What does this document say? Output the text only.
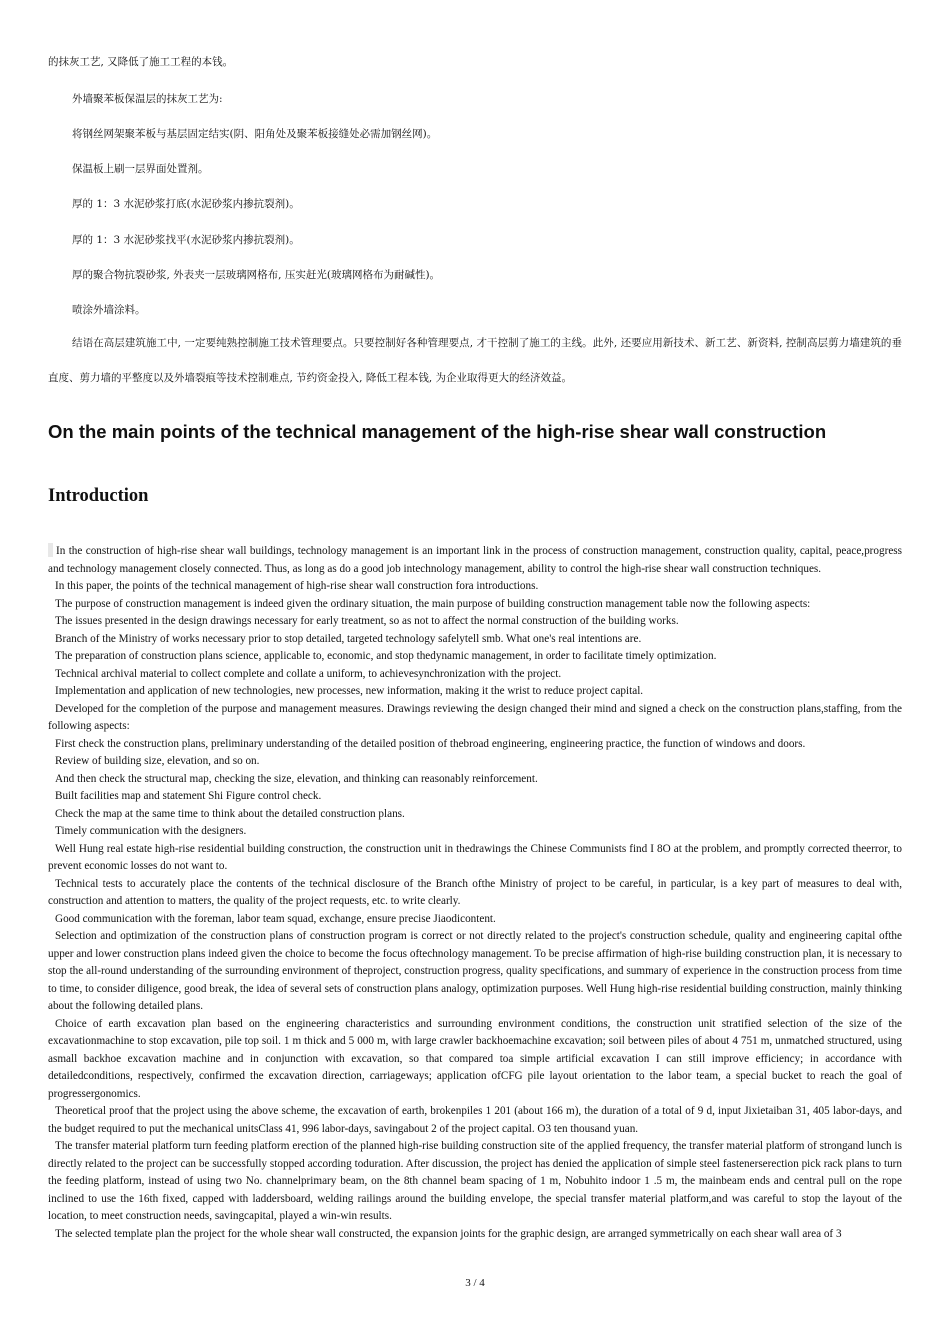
的抹灰工艺, 又降低了施工工程的本钱。

外墙聚苯板保温层的抹灰工艺为:

将钢丝网架聚苯板与基层固定结实(阴、阳角处及聚苯板接缝处必需加钢丝网)。

保温板上刷一层界面处置剂。

厚的 1：3 水泥砂浆打底(水泥砂浆内掺抗裂剂)。

厚的 1：3 水泥砂浆找平(水泥砂浆内掺抗裂剂)。

厚的聚合物抗裂砂浆, 外表夹一层玻璃网格布, 压实赶光(玻璃网格布为耐碱性)。

喷涂外墙涂料。

结语在高层建筑施工中, 一定要纯熟控制施工技术管理要点。只要控制好各种管理要点, 才干控制了施工的主线。此外, 还要应用新技术、新工艺、新资料, 控制高层剪力墙建筑的垂直度、剪力墙的平整度以及外墙裂痕等技术控制难点, 节约资金投入, 降低工程本钱, 为企业取得更大的经济效益。

On the main points of the technical management of the high-rise shear wall construction
Introduction

In the construction of high-rise shear wall buildings, technology management is an important link in the process of construction management, construction quality, capital, peace,progress and technology management closely connected. Thus, as long as do a good job intechnology management, ability to control the high-rise shear wall construction techniques.

In this paper, the points of the technical management of high-rise shear wall construction fora introductions.

The purpose of construction management is indeed given the ordinary situation, the main purpose of building construction management table now the following aspects:

The issues presented in the design drawings necessary for early treatment, so as not to affect the normal construction of the building works.

Branch of the Ministry of works necessary prior to stop detailed, targeted technology safelytell smb. What one's real intentions are.

The preparation of construction plans science, applicable to, economic, and stop thedynamic management, in order to facilitate timely optimization.

Technical archival material to collect complete and collate a uniform, to achievesynchronization with the project.

Implementation and application of new technologies, new processes, new information, making it the wrist to reduce project capital.

Developed for the completion of the purpose and management measures. Drawings reviewing the design changed their mind and signed a check on the construction plans,staffing, from the following aspects:

First check the construction plans, preliminary understanding of the detailed position of thebroad engineering, engineering practice, the function of windows and doors.

Review of building size, elevation, and so on.

And then check the structural map, checking the size, elevation, and thinking can reasonably reinforcement.

Built facilities map and statement Shi Figure control check.

Check the map at the same time to think about the detailed construction plans.

Timely communication with the designers.

Well Hung real estate high-rise residential building construction, the construction unit in thedrawings the Chinese Communists find I 8O at the problem, and promptly corrected theerror, to prevent economic losses do not want to.

Technical tests to accurately place the contents of the technical disclosure of the Branch ofthe Ministry of project to be careful, in particular, is a key part of measures to deal with, construction and attention to matters, the quality of the project requests, etc. to write clearly.

Good communication with the foreman, labor team squad, exchange, ensure precise Jiaodicontent.

Selection and optimization of the construction plans of construction program is correct or not directly related to the project's construction schedule, quality and engineering capital ofthe upper and lower construction plans indeed given the choice to become the focus oftechnology management. To be precise affirmation of high-rise building construction plan, it is necessary to stop the all-round understanding of the surrounding environment of theproject, construction progress, quality specifications, and summary of experience in the construction process from time to time, to consider diligence, good break, the idea of several sets of construction plans analogy, optimization purposes. Well Hung high-rise residential building construction, mainly thinking about the following detailed plans.

Choice of earth excavation plan based on the engineering characteristics and surrounding environment conditions, the construction unit stratified selection of the size of the excavationmachine to stop excavation, pile top soil. 1 m thick and 5 000 m, with large crawler backhoemachine excavation; soil between piles of about 4 751 m, unmatched structured, using asmall backhoe excavation machine and in conjunction with excavation, so that compared toa simple artificial excavation I can still improve efficiency; in accordance with detailedconditions, respectively, confirmed the excavation direction, carriageways; application ofCFG pile layout orientation to the labor team, a special bucket to reach the goal of progressergonomics.

Theoretical proof that the project using the above scheme, the excavation of earth, brokenpiles 1 201 (about 166 m), the duration of a total of 9 d, input Jixietaiban 31, 405 labor-days, and the budget required to put the mechanical unitsClass 41, 996 labor-days, savingabout 2 of the project capital. O3 ten thousand yuan.

The transfer material platform turn feeding platform erection of the planned high-rise building construction site of the applied frequency, the transfer material platform of strongand lunch is directly related to the project can be successfully stopped according toduration. After discussion, the project has denied the application of simple steel fastenerserection pick rack plans to turn the feeding platform, instead of using two No. channelprimary beam, on the 8th channel beam spacing of 1 m, Nobuhito indoor 1 .5 m, the mainbeam ends and central pull on the rope inclined to use the 16th fixed, capped with laddersboard, welding railings around the building envelope, the special transfer material platform,and was careful to stop the layout of the location, to meet construction needs, savingcapital, played a win-win results.

The selected template plan the project for the whole shear wall constructed, the expansion joints for the graphic design, are arranged symmetrically on each shear wall area of 3

3 / 4
